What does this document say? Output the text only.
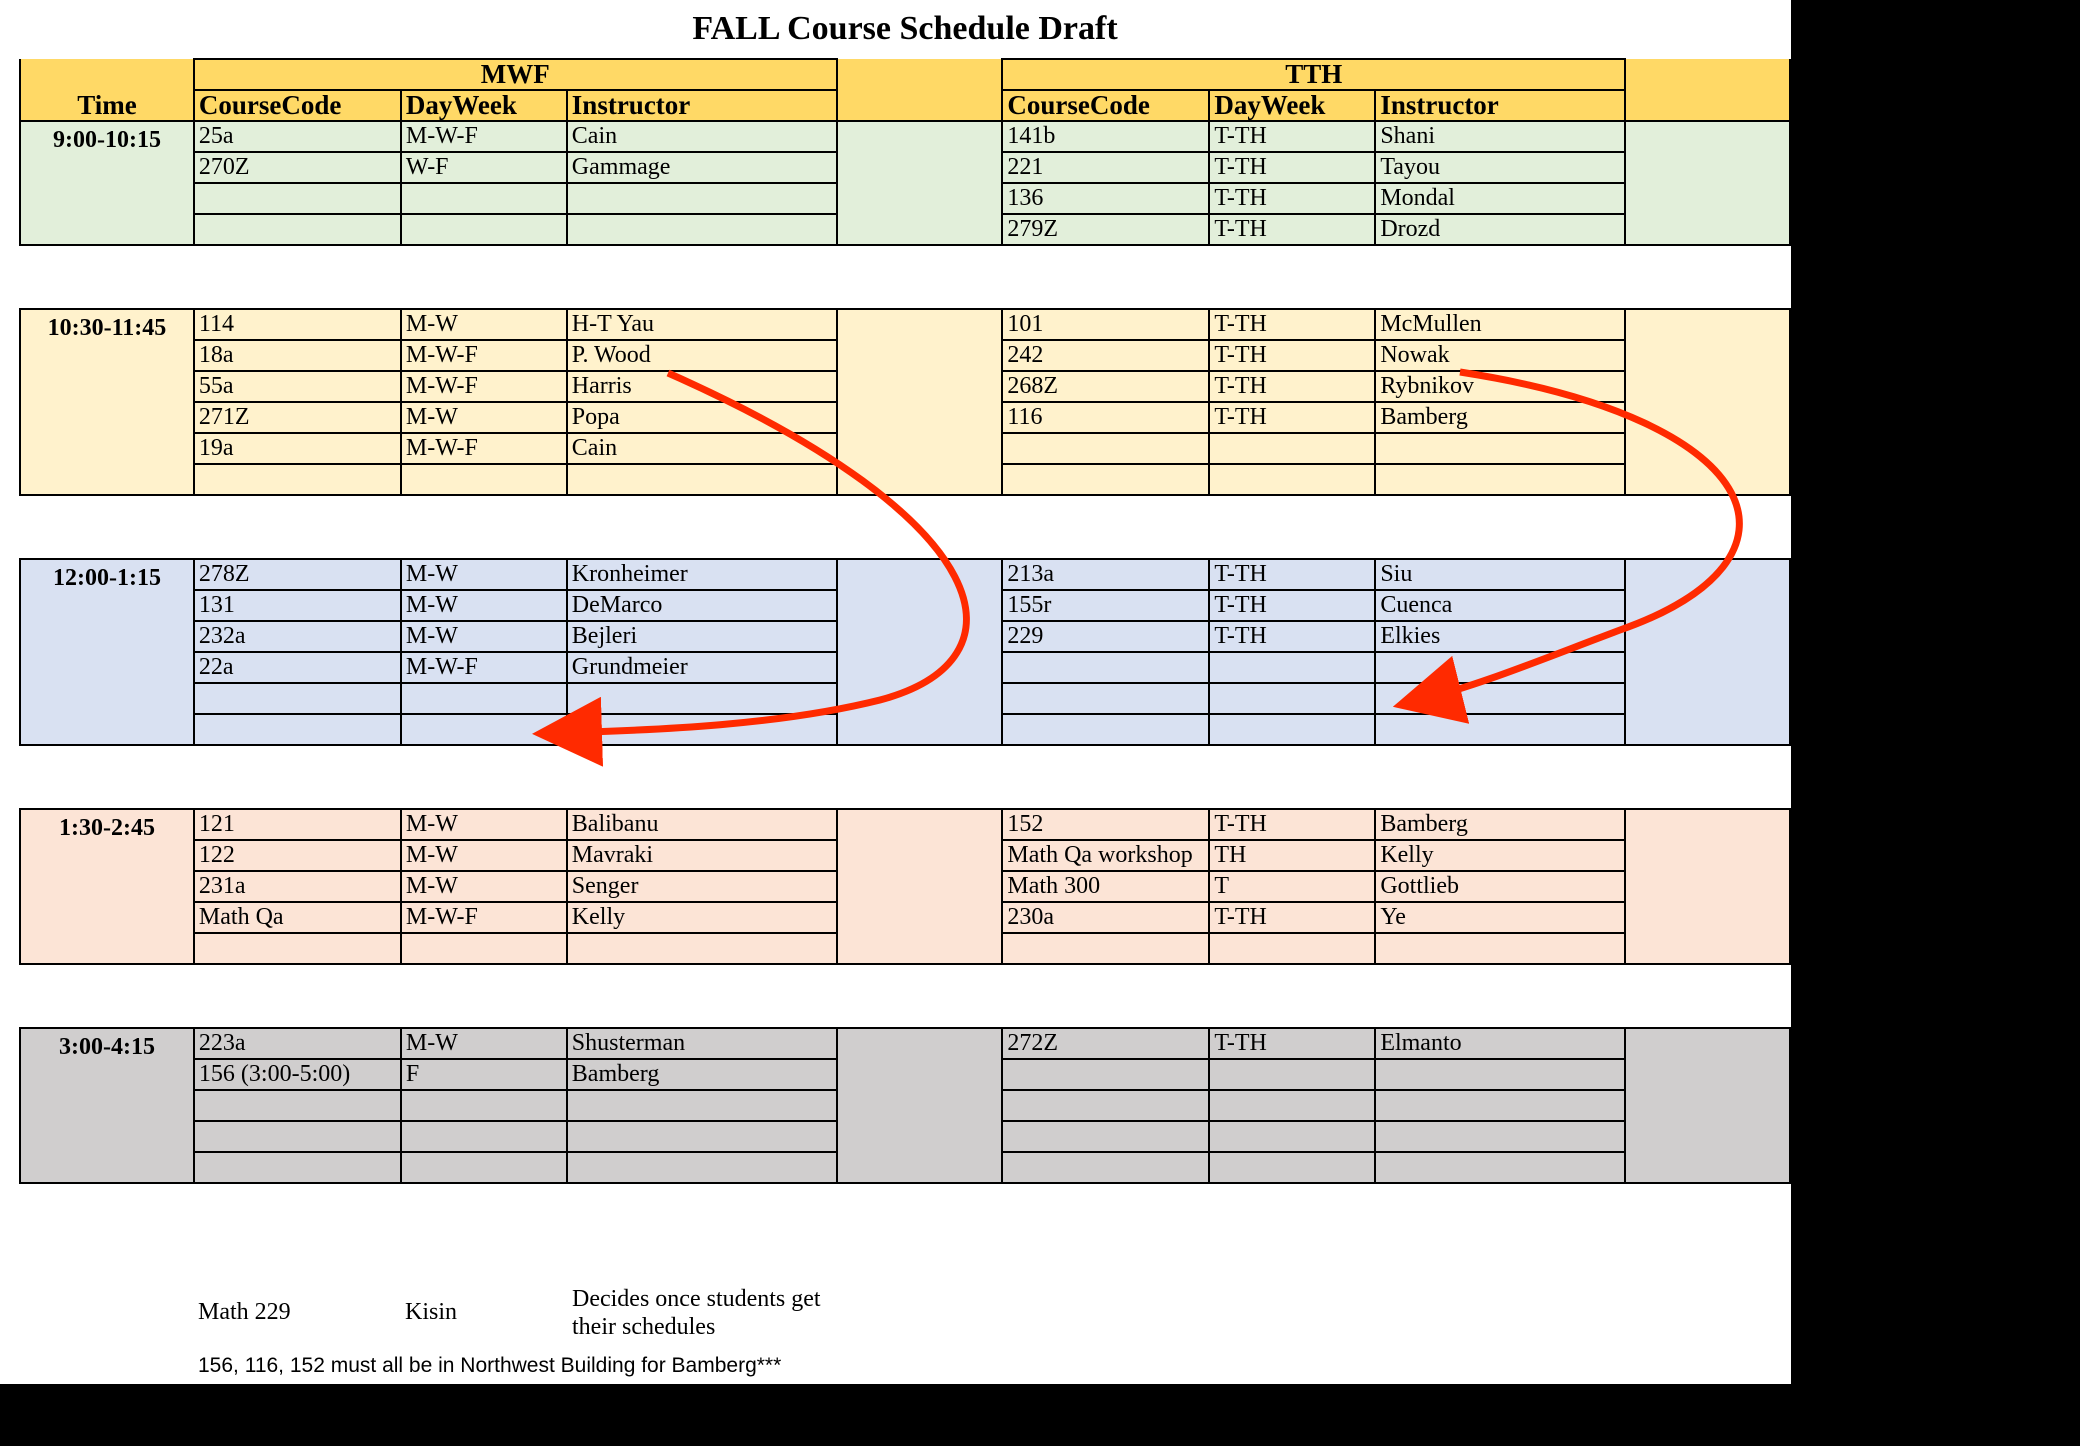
FALL Course Schedule Draft
	MWF				TTH			
Time	CourseCode	DayWeek	Instructor		CourseCode	DayWeek	Instructor	
9:00-10:15	25a	M-W-F	Cain		141b	T-TH	Shani	
	270Z	W-F	Gammage		221	T-TH	Tayou	
					136	T-TH	Mondal	
					279Z	T-TH	Drozd	

10:30-11:45	114	M-W	H-T Yau		101	T-TH	McMullen	
	18a	M-W-F	P. Wood		242	T-TH	Nowak	
	55a	M-W-F	Harris		268Z	T-TH	Rybnikov	
	271Z	M-W	Popa		116	T-TH	Bamberg	
	19a	M-W-F	Cain					

12:00-1:15	278Z	M-W	Kronheimer		213a	T-TH	Siu	
	131	M-W	DeMarco		155r	T-TH	Cuenca	
	232a	M-W	Bejleri		229	T-TH	Elkies	
	22a	M-W-F	Grundmeier					

1:30-2:45	121	M-W	Balibanu		152	T-TH	Bamberg	
	122	M-W	Mavraki		Math Qa workshop	TH	Kelly	
	231a	M-W	Senger		Math 300	T	Gottlieb	
	Math Qa	M-W-F	Kelly		230a	T-TH	Ye	

3:00-4:15	223a	M-W	Shusterman		272Z	T-TH	Elmanto	
	156 (3:00-5:00)	F	Bamberg					

Math 229	Kisin	Decides once students get
their schedules
156, 116, 152 must all be in Northwest Building for Bamberg***
